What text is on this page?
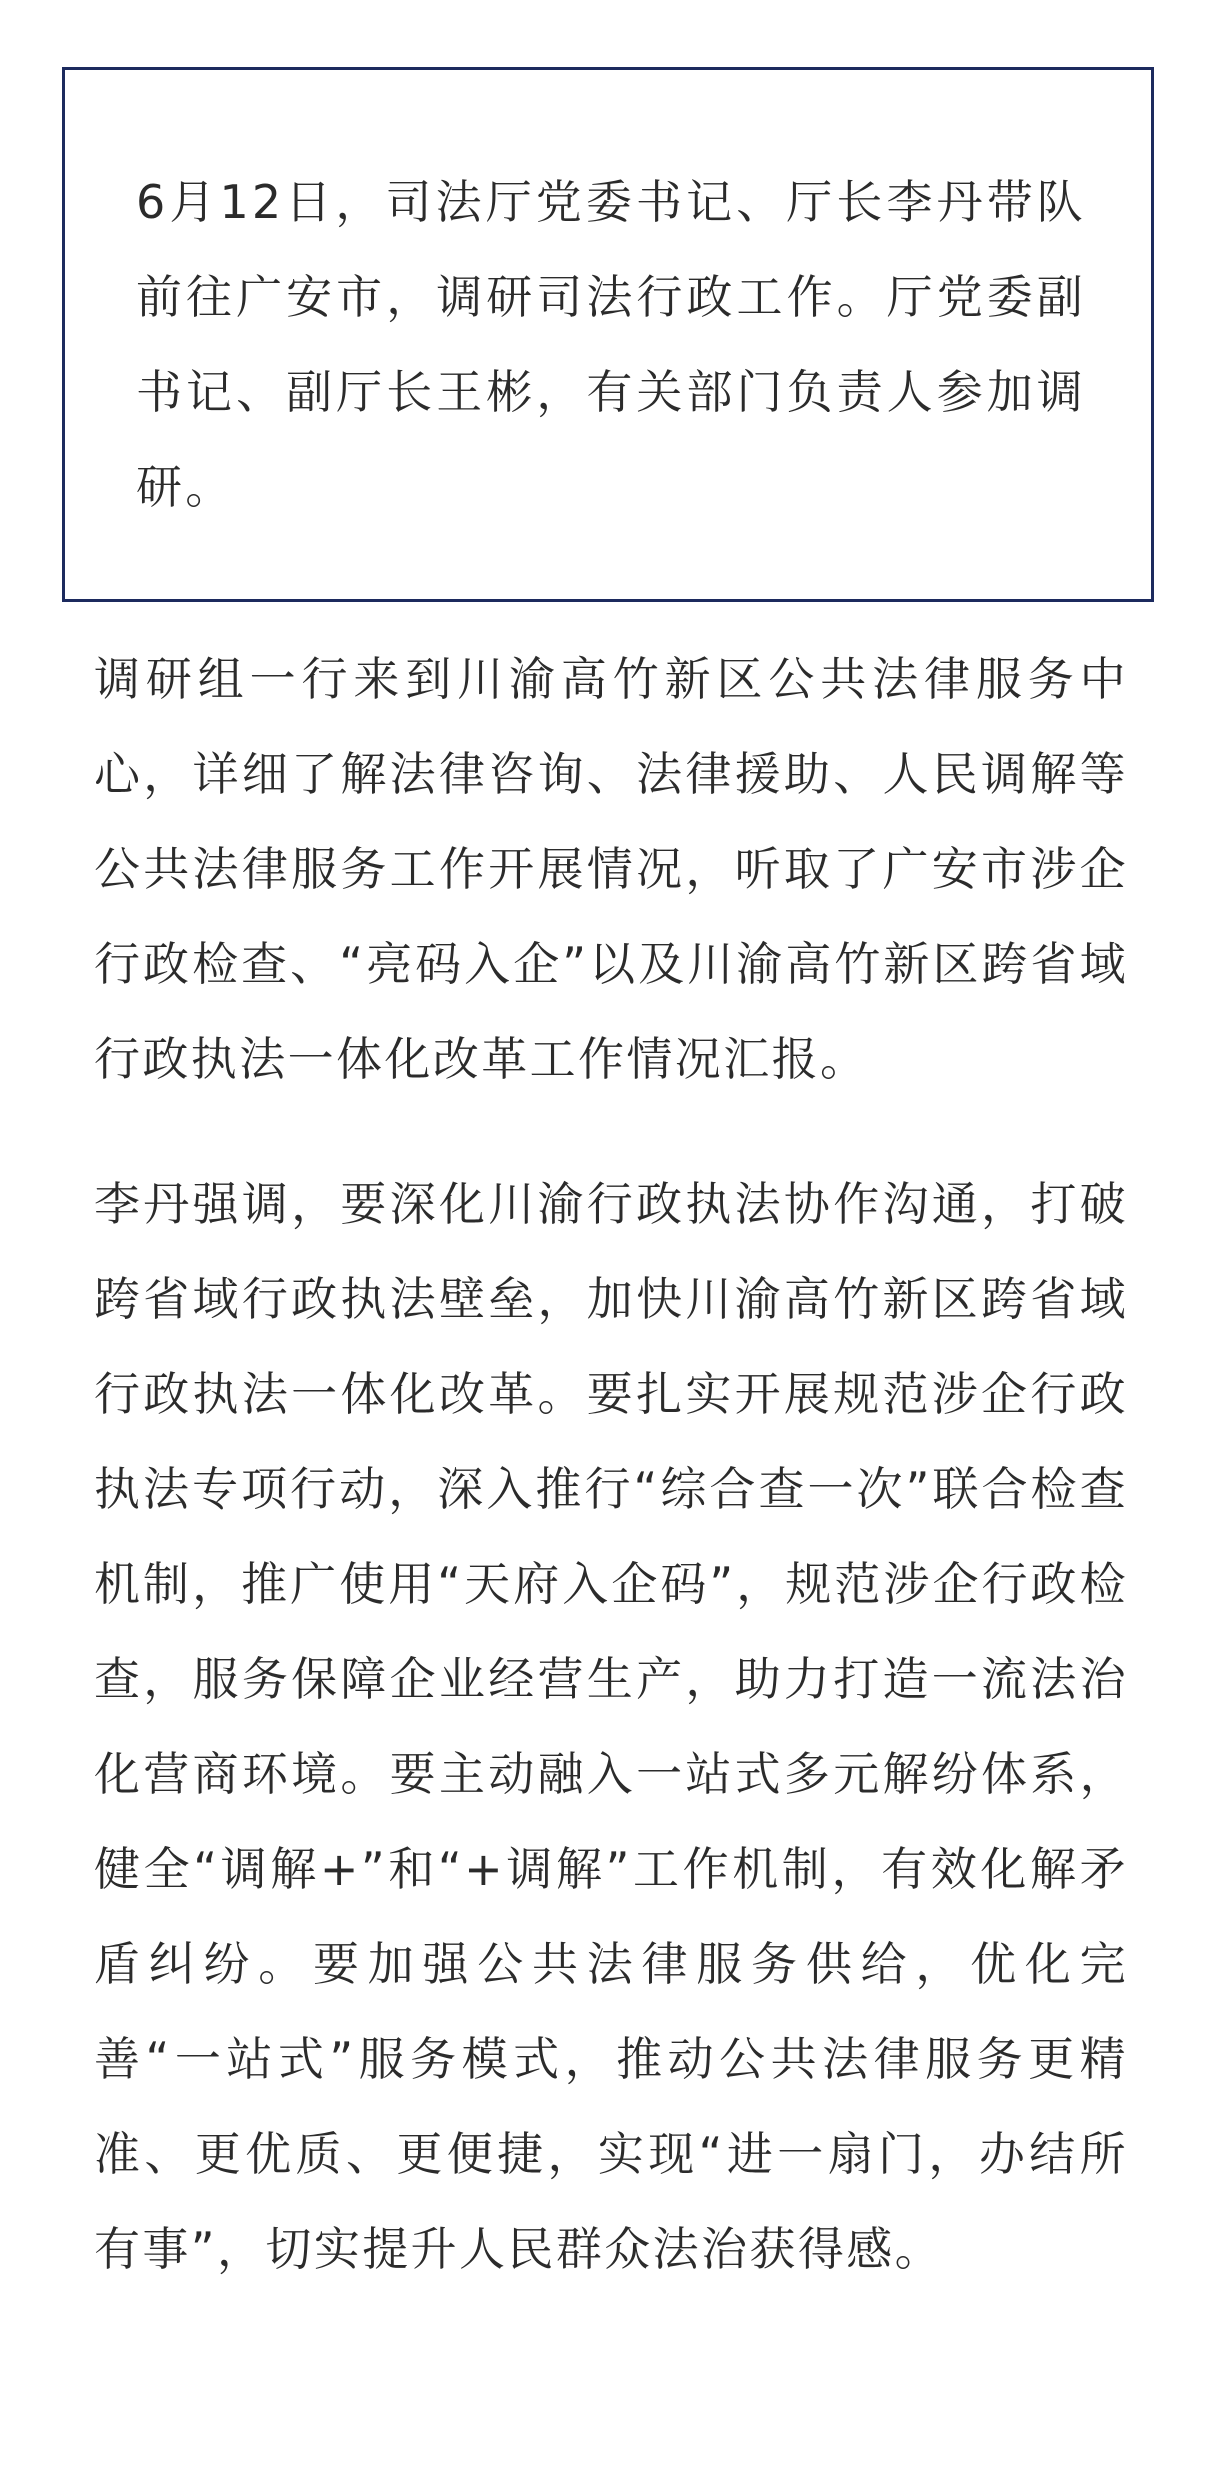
6月12日，司法厅党委书记、厅长李丹带队前往广安市，调研司法行政工作。厅党委副书记、副厅长王彬，有关部门负责人参加调研。

调研组一行来到川渝高竹新区公共法律服务中心，详细了解法律咨询、法律援助、人民调解等公共法律服务工作开展情况，听取了广安市涉企行政检查、“亮码入企”以及川渝高竹新区跨省域行政执法一体化改革工作情况汇报。

李丹强调，要深化川渝行政执法协作沟通，打破跨省域行政执法壁垒，加快川渝高竹新区跨省域行政执法一体化改革。要扎实开展规范涉企行政执法专项行动，深入推行“综合查一次”联合检查机制，推广使用“天府入企码”，规范涉企行政检查，服务保障企业经营生产，助力打造一流法治化营商环境。要主动融入一站式多元解纷体系，健全“调解+”和“+调解”工作机制，有效化解矛盾纠纷。要加强公共法律服务供给，优化完善“一站式”服务模式，推动公共法律服务更精准、更优质、更便捷，实现“进一扇门，办结所有事”，切实提升人民群众法治获得感。
